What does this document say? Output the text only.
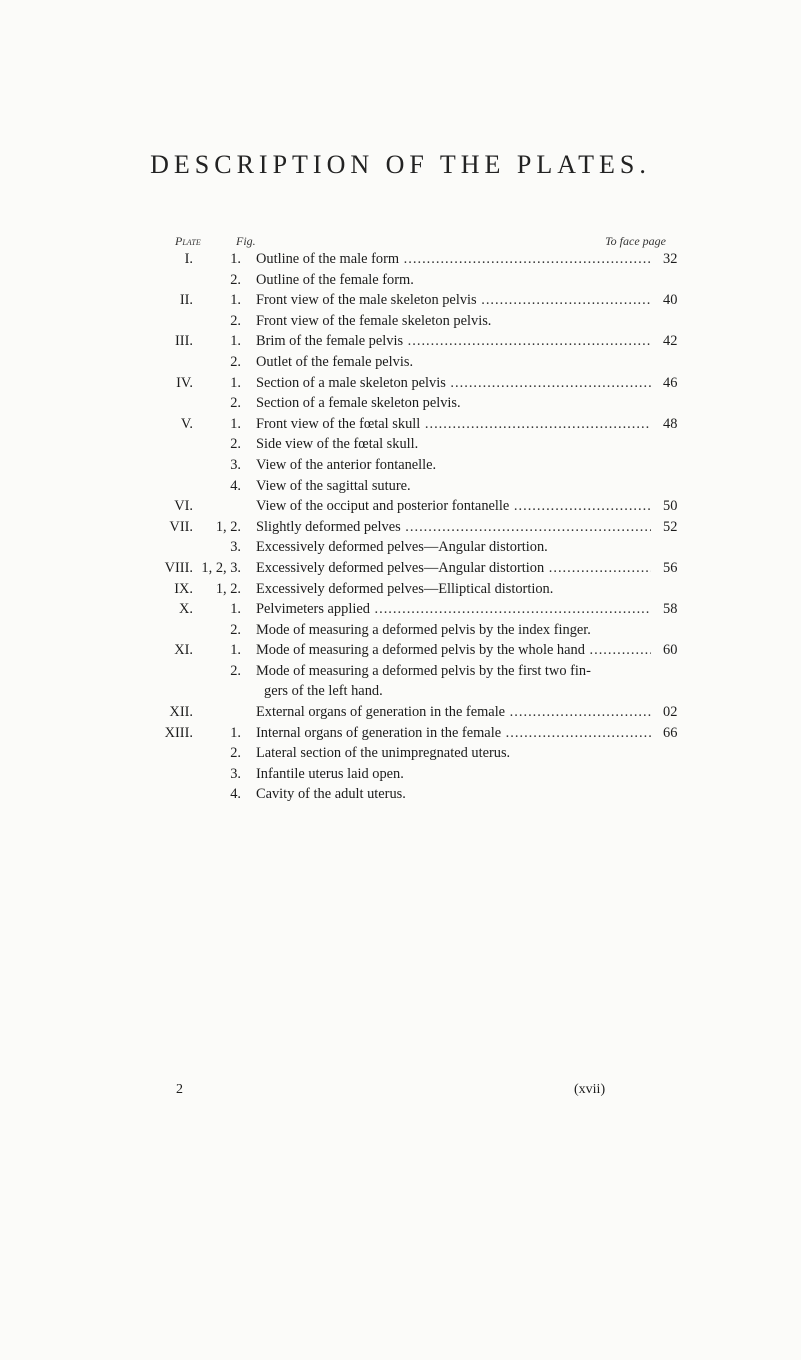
DESCRIPTION OF THE PLATES.
Plate	Fig.	To face page
I.	1. Outline of the male form .....	32
2. Outline of the female form.
II.	1. Front view of the male skeleton pelvis .....	40
2. Front view of the female skeleton pelvis.
III.	1. Brim of the female pelvis .....	42
2. Outlet of the female pelvis.
IV.	1. Section of a male skeleton pelvis .....	46
2. Section of a female skeleton pelvis.
V.	1. Front view of the fœtal skull .....	48
2. Side view of the fœtal skull.
3. View of the anterior fontanelle.
4. View of the sagittal suture.
VI.	View of the occiput and posterior fontanelle .....	50
VII. 1, 2. Slightly deformed pelves .....	52
3. Excessively deformed pelves—Angular distortion.
VIII. 1, 2, 3. Excessively deformed pelves—Angular distortion .....	56
IX. 1, 2. Excessively deformed pelves—Elliptical distortion.
X.	1. Pelvimeters applied .....	58
2. Mode of measuring a deformed pelvis by the index finger.
XI.	1. Mode of measuring a deformed pelvis by the whole hand .....	60
2. Mode of measuring a deformed pelvis by the first two fin-
gers of the left hand.
XII.	External organs of generation in the female .....	02
XIII.	1. Internal organs of generation in the female .....	66
2. Lateral section of the unimpregnated uterus.
3. Infantile uterus laid open.
4. Cavity of the adult uterus.
2	(xvii)
